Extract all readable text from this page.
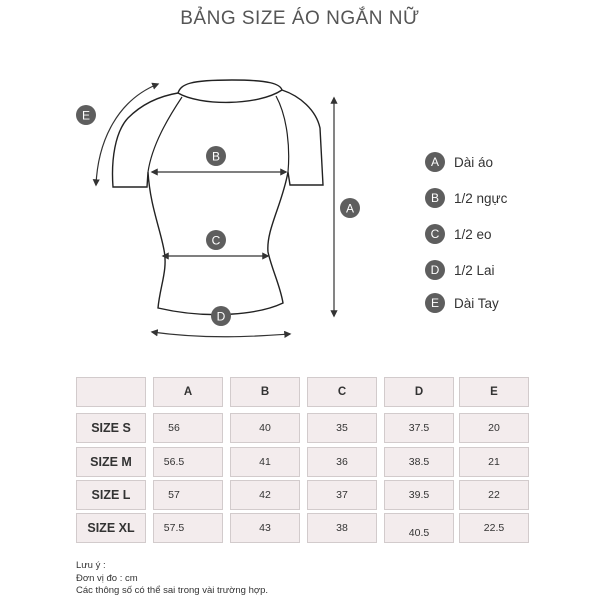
BẢNG SIZE ÁO NGẮN NỮ
B
C
D
A
E
A	Dài áo
B	1/2 ngực
C	1/2 eo
D	1/2 Lai
E	Dài Tay
A	B	C	D	E
SIZE S	56	40	35	37.5	20
SIZE M	56.5	41	36	38.5	21
SIZE L	57	42	37	39.5	22
SIZE XL	57.5	43	38	40.5	22.5
Lưu ý :
Đơn vị đo : cm
Các thông số có thể sai trong vài trường hợp.
